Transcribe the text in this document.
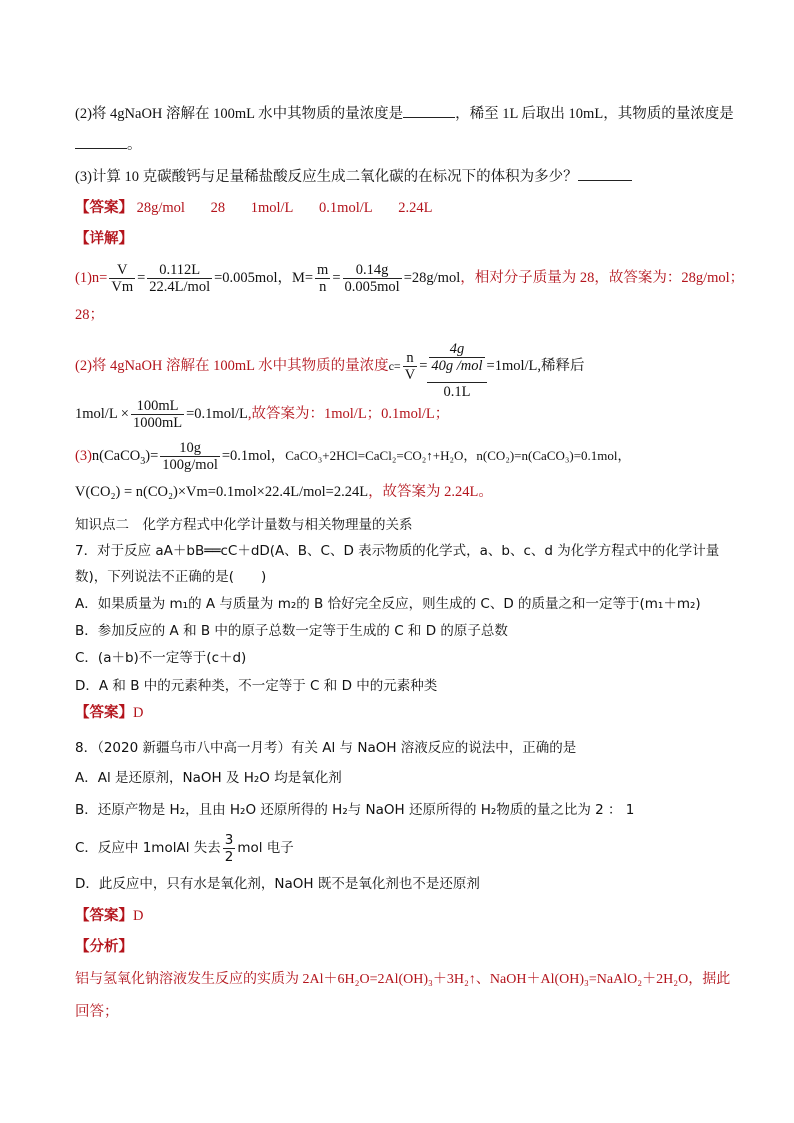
(2)将 4gNaOH 溶解在 100mL 水中其物质的量浓度是	，稀至 1L 后取出 10mL，其物质的量浓度是
。
(3)计算 10 克碳酸钙与足量稀盐酸反应生成二氧化碳的在标况下的体积为多少？
【答案】 28g/mol 28 1mol/L 0.1mol/L 2.24L
【详解】
$(1)n= \frac{V}{Vm} = \frac{0.112L}{\text{22.4L/mol}} =0.005mol$，$M= \frac{m}{n} = \frac{0.14g}{\text{0.005mol}} =28g/mol$，相对分子质量为 28，故答案为：28g/mol；
28；
(2)将 4gNaOH 溶解在 100mL 水中其物质的量浓度$c= \frac{n}{V} = \frac{4g}{\text{40g /mol}}$
0.1L
=1mol/L,稀释后
$1mol/L \times \frac{100mL}{1000mL} =0.1mol/L$,故答案为：1mol/L；0.1mol/L；
(3)n(CaCO$_3$)= $\frac{10g}{\text{100g/mol}} =0.1mol$，CaCO₃+2HCl=CaCl₂=CO₂↑+H₂O，n(CO₂)=n(CaCO₃)=0.1mol，
V(CO₂) = n(CO₂)×Vm=0.1mol×22.4L/mol=2.24L，故答案为 2.24L。
知识点二　化学方程式中化学计量数与相关物理量的关系
7．对于反应 aA＋bB══cC＋dD(A、B、C、D 表示物质的化学式，a、b、c、d 为化学方程式中的化学计量
数)，下列说法不正确的是(　　)
A．如果质量为 m₁的 A 与质量为 m₂的 B 恰好完全反应，则生成的 C、D 的质量之和一定等于(m₁＋m₂)
B．参加反应的 A 和 B 中的原子总数一定等于生成的 C 和 D 的原子总数
C．(a＋b)不一定等于(c＋d)
D．A 和 B 中的元素种类，不一定等于 C 和 D 中的元素种类
【答案】D
8．（2020 新疆乌市八中高一月考）有关 Al 与 NaOH 溶液反应的说法中，正确的是
A．Al 是还原剂，NaOH 及 H₂O 均是氧化剂
B．还原产物是 H₂，且由 H₂O 还原所得的 H₂与 NaOH 还原所得的 H₂物质的量之比为 2 ： 1
C．反应中 1molAl 失去 $\frac{3}{2}$ mol 电子
D．此反应中，只有水是氧化剂，NaOH 既不是氧化剂也不是还原剂
【答案】D
【分析】
铝与氢氧化钠溶液发生反应的实质为 2Al＋6H₂O=2Al(OH)₃＋3H₂↑、NaOH＋Al(OH)₃=NaAlO₂＋2H₂O，据此
回答；
